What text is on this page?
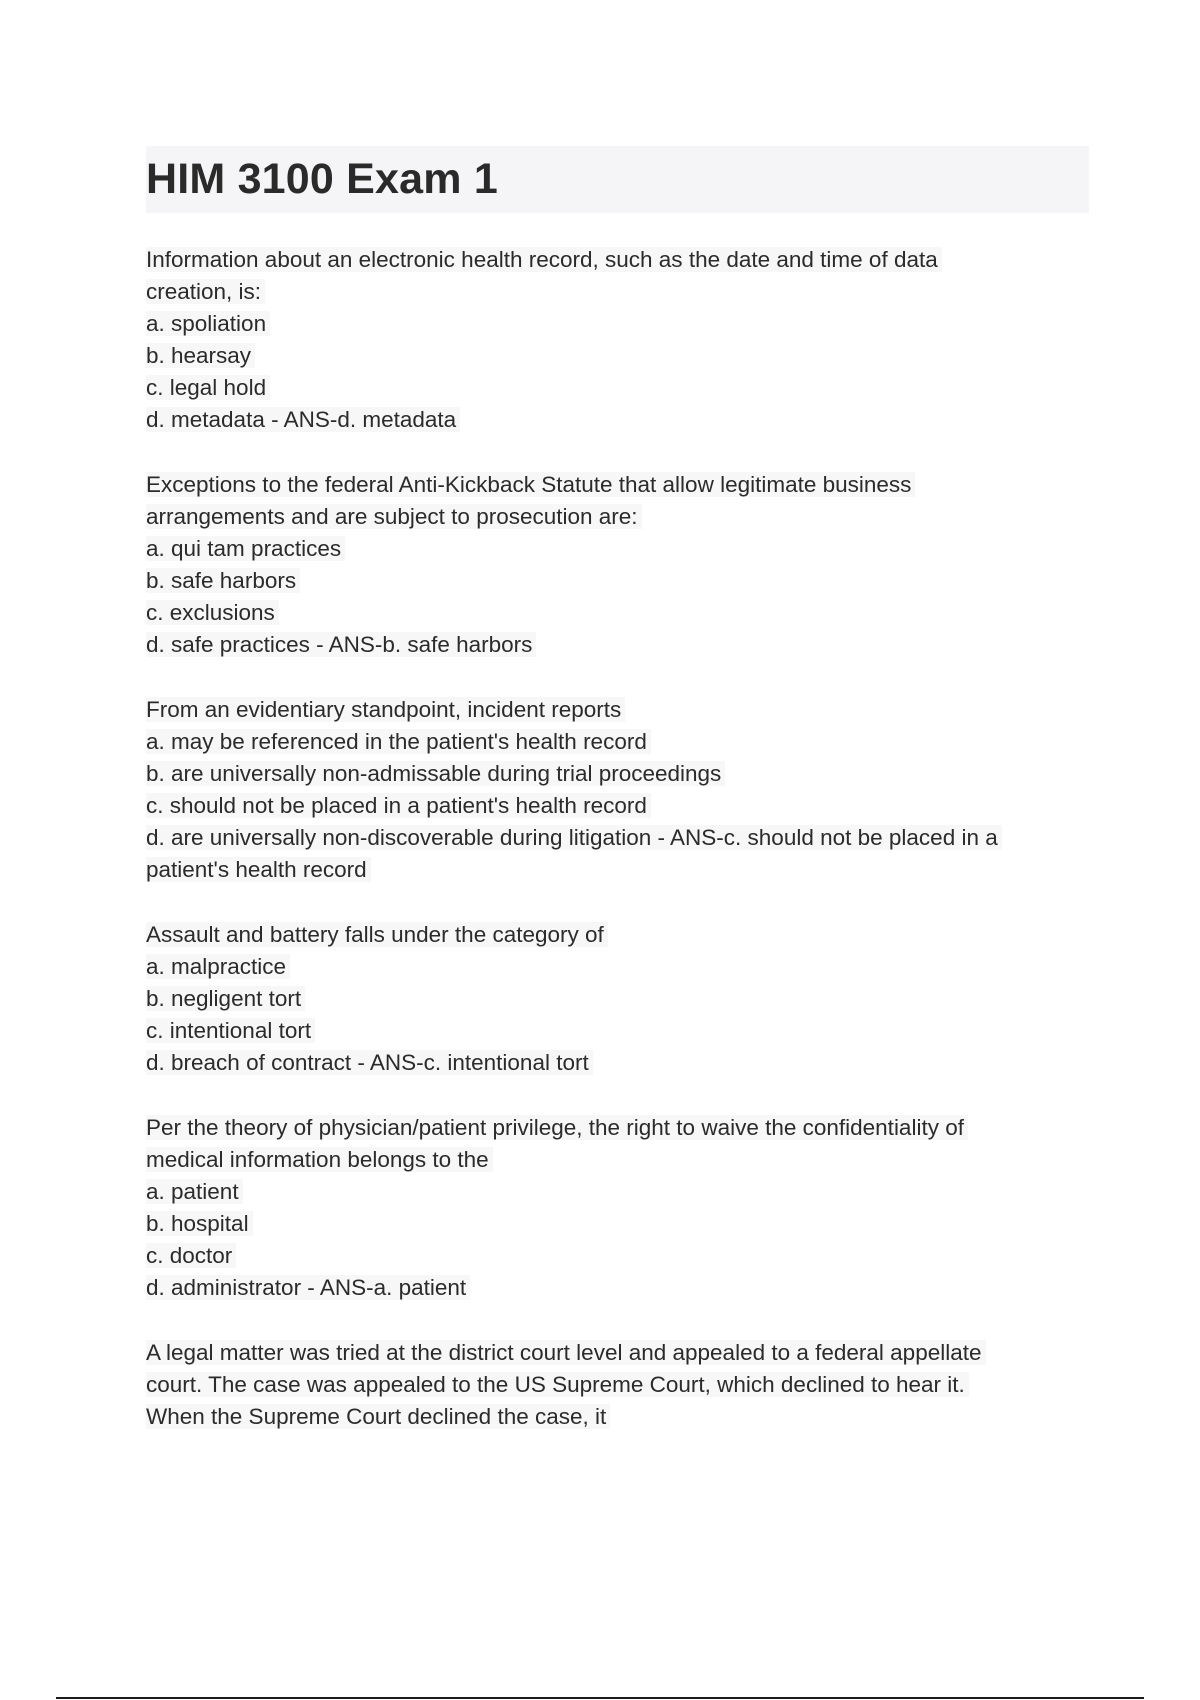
HIM 3100 Exam 1
Information about an electronic health record, such as the date and time of data
creation, is:
a. spoliation
b. hearsay
c. legal hold
d. metadata - ANS-d. metadata
Exceptions to the federal Anti-Kickback Statute that allow legitimate business
arrangements and are subject to prosecution are:
a. qui tam practices
b. safe harbors
c. exclusions
d. safe practices - ANS-b. safe harbors
From an evidentiary standpoint, incident reports
a. may be referenced in the patient's health record
b. are universally non-admissable during trial proceedings
c. should not be placed in a patient's health record
d. are universally non-discoverable during litigation - ANS-c. should not be placed in a
patient's health record
Assault and battery falls under the category of
a. malpractice
b. negligent tort
c. intentional tort
d. breach of contract - ANS-c. intentional tort
Per the theory of physician/patient privilege, the right to waive the confidentiality of
medical information belongs to the
a. patient
b. hospital
c. doctor
d. administrator - ANS-a. patient
A legal matter was tried at the district court level and appealed to a federal appellate
court. The case was appealed to the US Supreme Court, which declined to hear it.
When the Supreme Court declined the case, it
